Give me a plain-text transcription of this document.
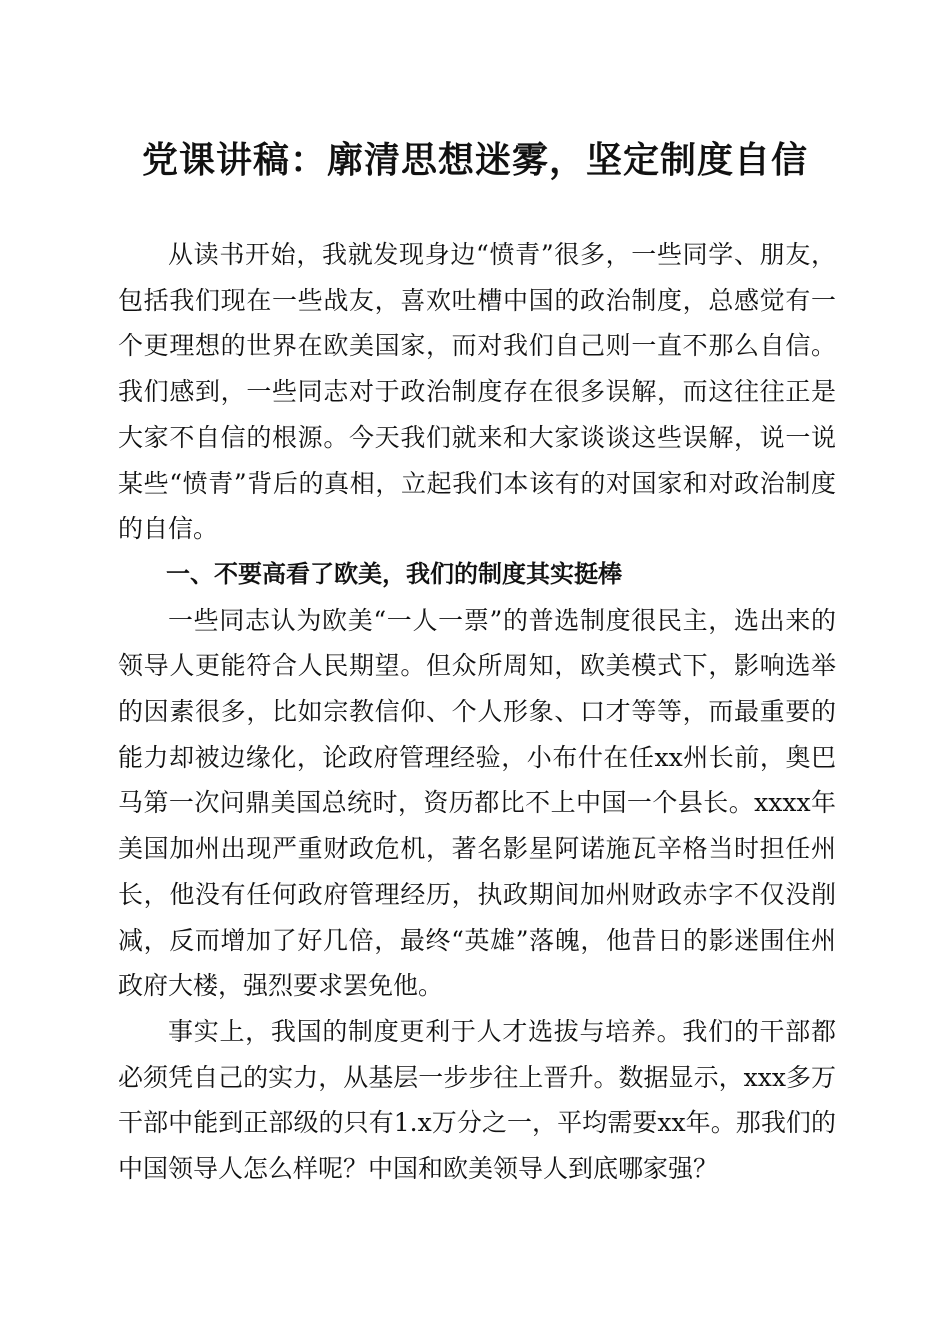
党课讲稿：廓清思想迷雾，坚定制度自信

从读书开始，我就发现身边“愤青”很多，一些同学、朋友，包括我们现在一些战友，喜欢吐槽中国的政治制度，总感觉有一个更理想的世界在欧美国家，而对我们自己则一直不那么自信。我们感到，一些同志对于政治制度存在很多误解，而这往往正是大家不自信的根源。今天我们就来和大家谈谈这些误解，说一说某些“愤青”背后的真相，立起我们本该有的对国家和对政治制度的自信。

一、不要高看了欧美，我们的制度其实挺棒

一些同志认为欧美“一人一票”的普选制度很民主，选出来的领导人更能符合人民期望。但众所周知，欧美模式下，影响选举的因素很多，比如宗教信仰、个人形象、口才等等，而最重要的能力却被边缘化，论政府管理经验，小布什在任xx州长前，奥巴马第一次问鼎美国总统时，资历都比不上中国一个县长。xxxx年美国加州出现严重财政危机，著名影星阿诺施瓦辛格当时担任州长，他没有任何政府管理经历，执政期间加州财政赤字不仅没削减，反而增加了好几倍，最终“英雄”落魄，他昔日的影迷围住州政府大楼，强烈要求罢免他。

事实上，我国的制度更利于人才选拔与培养。我们的干部都必须凭自己的实力，从基层一步步往上晋升。数据显示，xxx多万干部中能到正部级的只有1.x万分之一，平均需要xx年。那我们的中国领导人怎么样呢？中国和欧美领导人到底哪家强？
